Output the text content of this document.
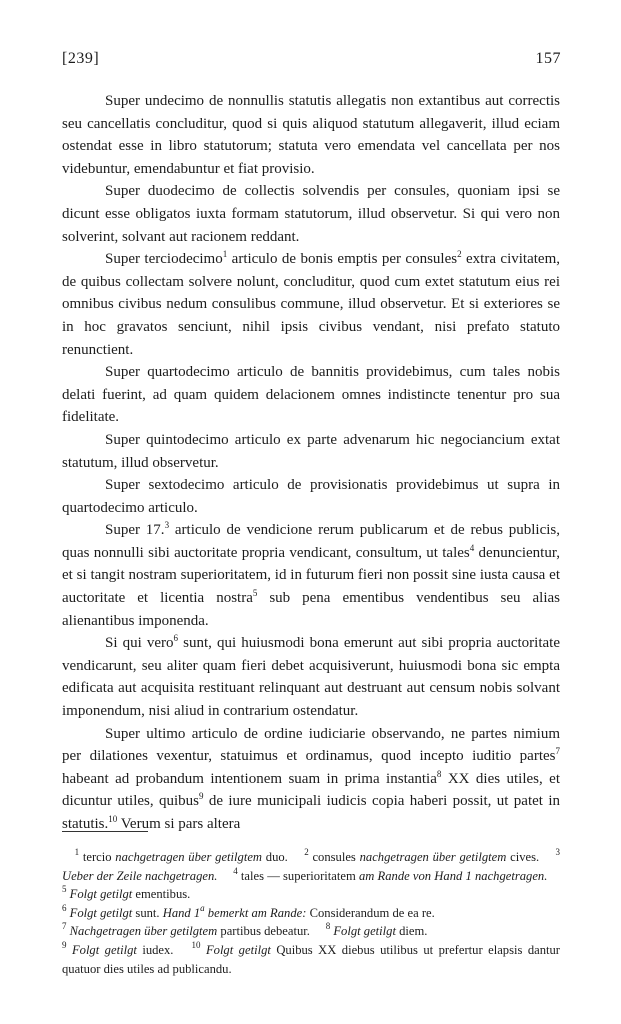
[239]	157

Super undecimo de nonnullis statutis allegatis non extantibus aut correctis seu cancellatis concluditur, quod si quis aliquod statutum allegaverit, illud eciam ostendat esse in libro statutorum; statuta vero emendata vel cancellata per nos videbuntur, emendabuntur et fiat provisio.

Super duodecimo de collectis solvendis per consules, quoniam ipsi se dicunt esse obligatos iuxta formam statutorum, illud observetur. Si qui vero non solverint, solvant aut racionem reddant.

Super terciodecimo$^1$ articulo de bonis emptis per consules$^2$ extra civitatem, de quibus collectam solvere nolunt, concluditur, quod cum extet statutum eius rei omnibus civibus nedum consulibus commune, illud observetur. Et si exteriores se in hoc gravatos senciunt, nihil ipsis civibus vendant, nisi prefato statuto renunctient.

Super quartodecimo articulo de bannitis providebimus, cum tales nobis delati fuerint, ad quam quidem delacionem omnes indistincte tenentur pro sua fidelitate.

Super quintodecimo articulo ex parte advenarum hic negociancium extat statutum, illud observetur.

Super sextodecimo articulo de provisionatis providebimus ut supra in quartodecimo articulo.

Super 17.$^3$ articulo de vendicione rerum publicarum et de rebus publicis, quas nonnulli sibi auctoritate propria vendicant, consultum, ut tales$^4$ denuncientur, et si tangit nostram superioritatem, id in futurum fieri non possit sine iusta causa et auctoritate et licentia nostra$^5$ sub pena ementibus vendentibus seu alias alienantibus imponenda.

Si qui vero$^6$ sunt, qui huiusmodi bona emerunt aut sibi propria auctoritate vendicarunt, seu aliter quam fieri debet acquisiverunt, huiusmodi bona sic empta edificata aut acquisita restituant relinquant aut destruant aut censum nobis solvant imponendum, nisi aliud in contrarium ostendatur.

Super ultimo articulo de ordine iudiciarie observando, ne partes nimium per dilationes vexentur, statuimus et ordinamus, quod incepto iuditio partes$^7$ habeant ad probandum intentionem suam in prima instantia$^8$ XX dies utiles, et dicuntur utiles, quibus$^9$ de iure municipali iudicis copia haberi possit, ut patet in statutis.$^{10}$ Verum si pars altera

 $^1$ tercio nachgetragen über getilgtem duo.  $^2$ consules nachgetragen über getilgtem cives.  $^3$ Ueber der Zeile nachgetragen.  $^4$ tales — superioritatem am Rande von Hand 1 nachgetragen.  $^5$ Folgt getilgt ementibus.

$^6$ Folgt getilgt sunt. Hand 1$^a$ bemerkt am Rande: Considerandum de ea re.

$^7$ Nachgetragen über getilgtem partibus debeatur.  $^8$ Folgt getilgt diem.

$^9$ Folgt getilgt iudex.  $^{10}$ Folgt getilgt Quibus XX diebus utilibus ut prefertur elapsis dantur quatuor dies utiles ad publicandu.
